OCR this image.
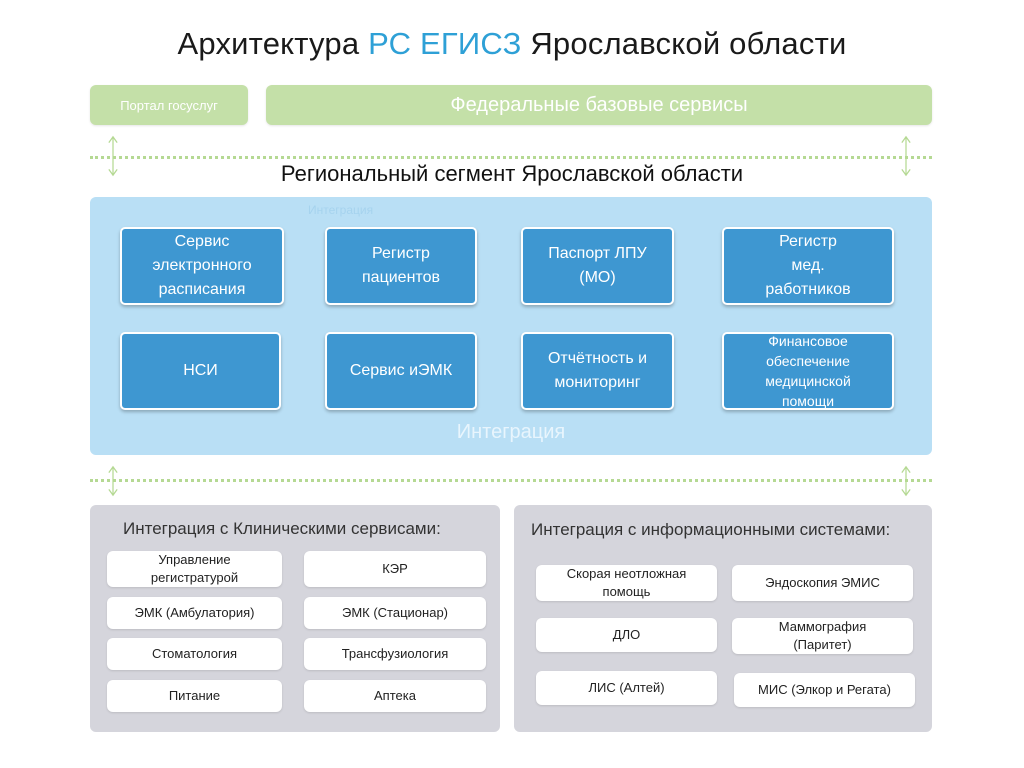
Архитектура РС ЕГИСЗ Ярославской области
Портал госуслуг	Федеральные базовые сервисы
Региональный сегмент Ярославской области
Интеграция
Сервис
электронного
расписания
Регистр
пациентов
Паспорт ЛПУ
(МО)
Регистр
мед.
работников
НСИ	Сервис иЭМК
Отчётность и
мониторинг
Финансовое
обеспечение
медицинской
помощи
Интеграция
Интеграция с Клиническими сервисами:
Управление
регистратурой
КЭР
ЭМК (Амбулатория)	ЭМК (Стационар)
Стоматология	Трансфузиология
Питание	Аптека
Интеграция с информационными системами:
Скорая неотложная
помощь
Эндоскопия ЭМИС
ДЛО
Маммография
(Паритет)
ЛИС (Алтей)	МИС (Элкор и Регата)
